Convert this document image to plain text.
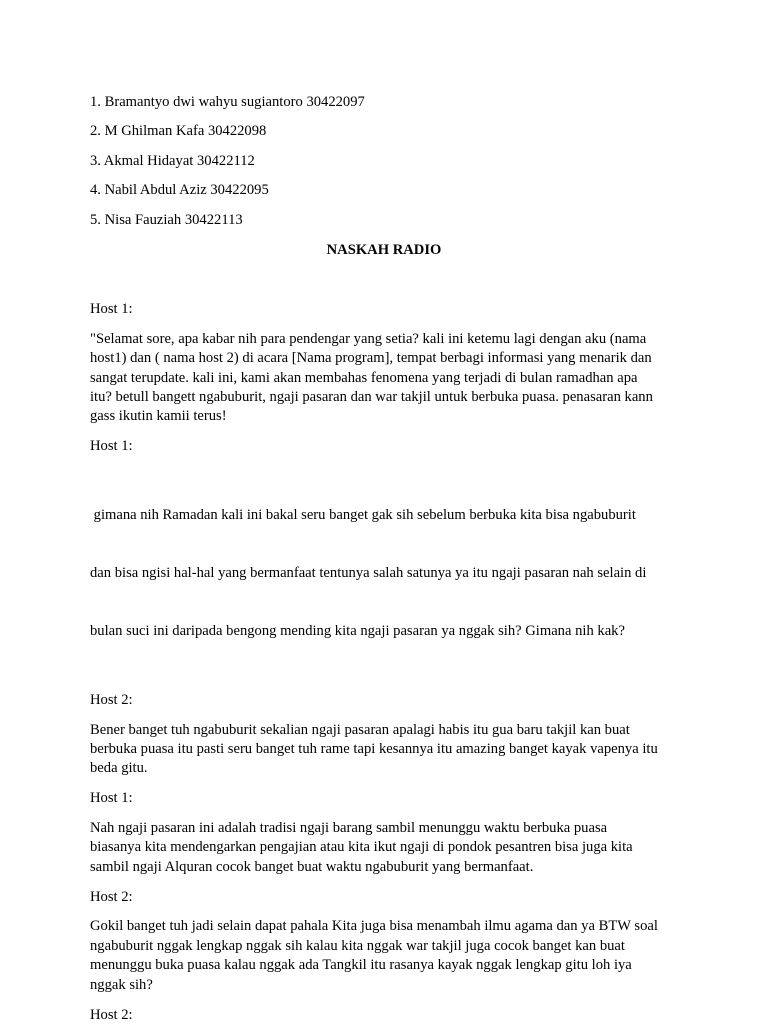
1. Bramantyo dwi wahyu sugiantoro 30422097
2. M Ghilman Kafa 30422098
3. Akmal Hidayat 30422112
4. Nabil Abdul Aziz 30422095
5. Nisa Fauziah 30422113

NASKAH RADIO

Host 1:

"Selamat sore, apa kabar nih para pendengar yang setia? kali ini ketemu lagi dengan aku (nama
host1) dan ( nama host 2) di acara [Nama program], tempat berbagi informasi yang menarik dan
sangat terupdate. kali ini, kami akan membahas fenomena yang terjadi di bulan ramadhan apa
itu? betull bangett ngabuburit, ngaji pasaran dan war takjil untuk berbuka puasa. penasaran kann
gass ikutin kamii terus!

Host 1:

gimana nih Ramadan kali ini bakal seru banget gak sih sebelum berbuka kita bisa ngabuburit

dan bisa ngisi hal-hal yang bermanfaat tentunya salah satunya ya itu ngaji pasaran nah selain di

bulan suci ini daripada bengong mending kita ngaji pasaran ya nggak sih? Gimana nih kak?

Host 2:

Bener banget tuh ngabuburit sekalian ngaji pasaran apalagi habis itu gua baru takjil kan buat
berbuka puasa itu pasti seru banget tuh rame tapi kesannya itu amazing banget kayak vapenya itu
beda gitu.

Host 1:

Nah ngaji pasaran ini adalah tradisi ngaji barang sambil menunggu waktu berbuka puasa
biasanya kita mendengarkan pengajian atau kita ikut ngaji di pondok pesantren bisa juga kita
sambil ngaji Alquran cocok banget buat waktu ngabuburit yang bermanfaat.

Host 2:

Gokil banget tuh jadi selain dapat pahala Kita juga bisa menambah ilmu agama dan ya BTW soal
ngabuburit nggak lengkap nggak sih kalau kita nggak war takjil juga cocok banget kan buat
menunggu buka puasa kalau nggak ada Tangkil itu rasanya kayak nggak lengkap gitu loh iya
nggak sih?

Host 2:
